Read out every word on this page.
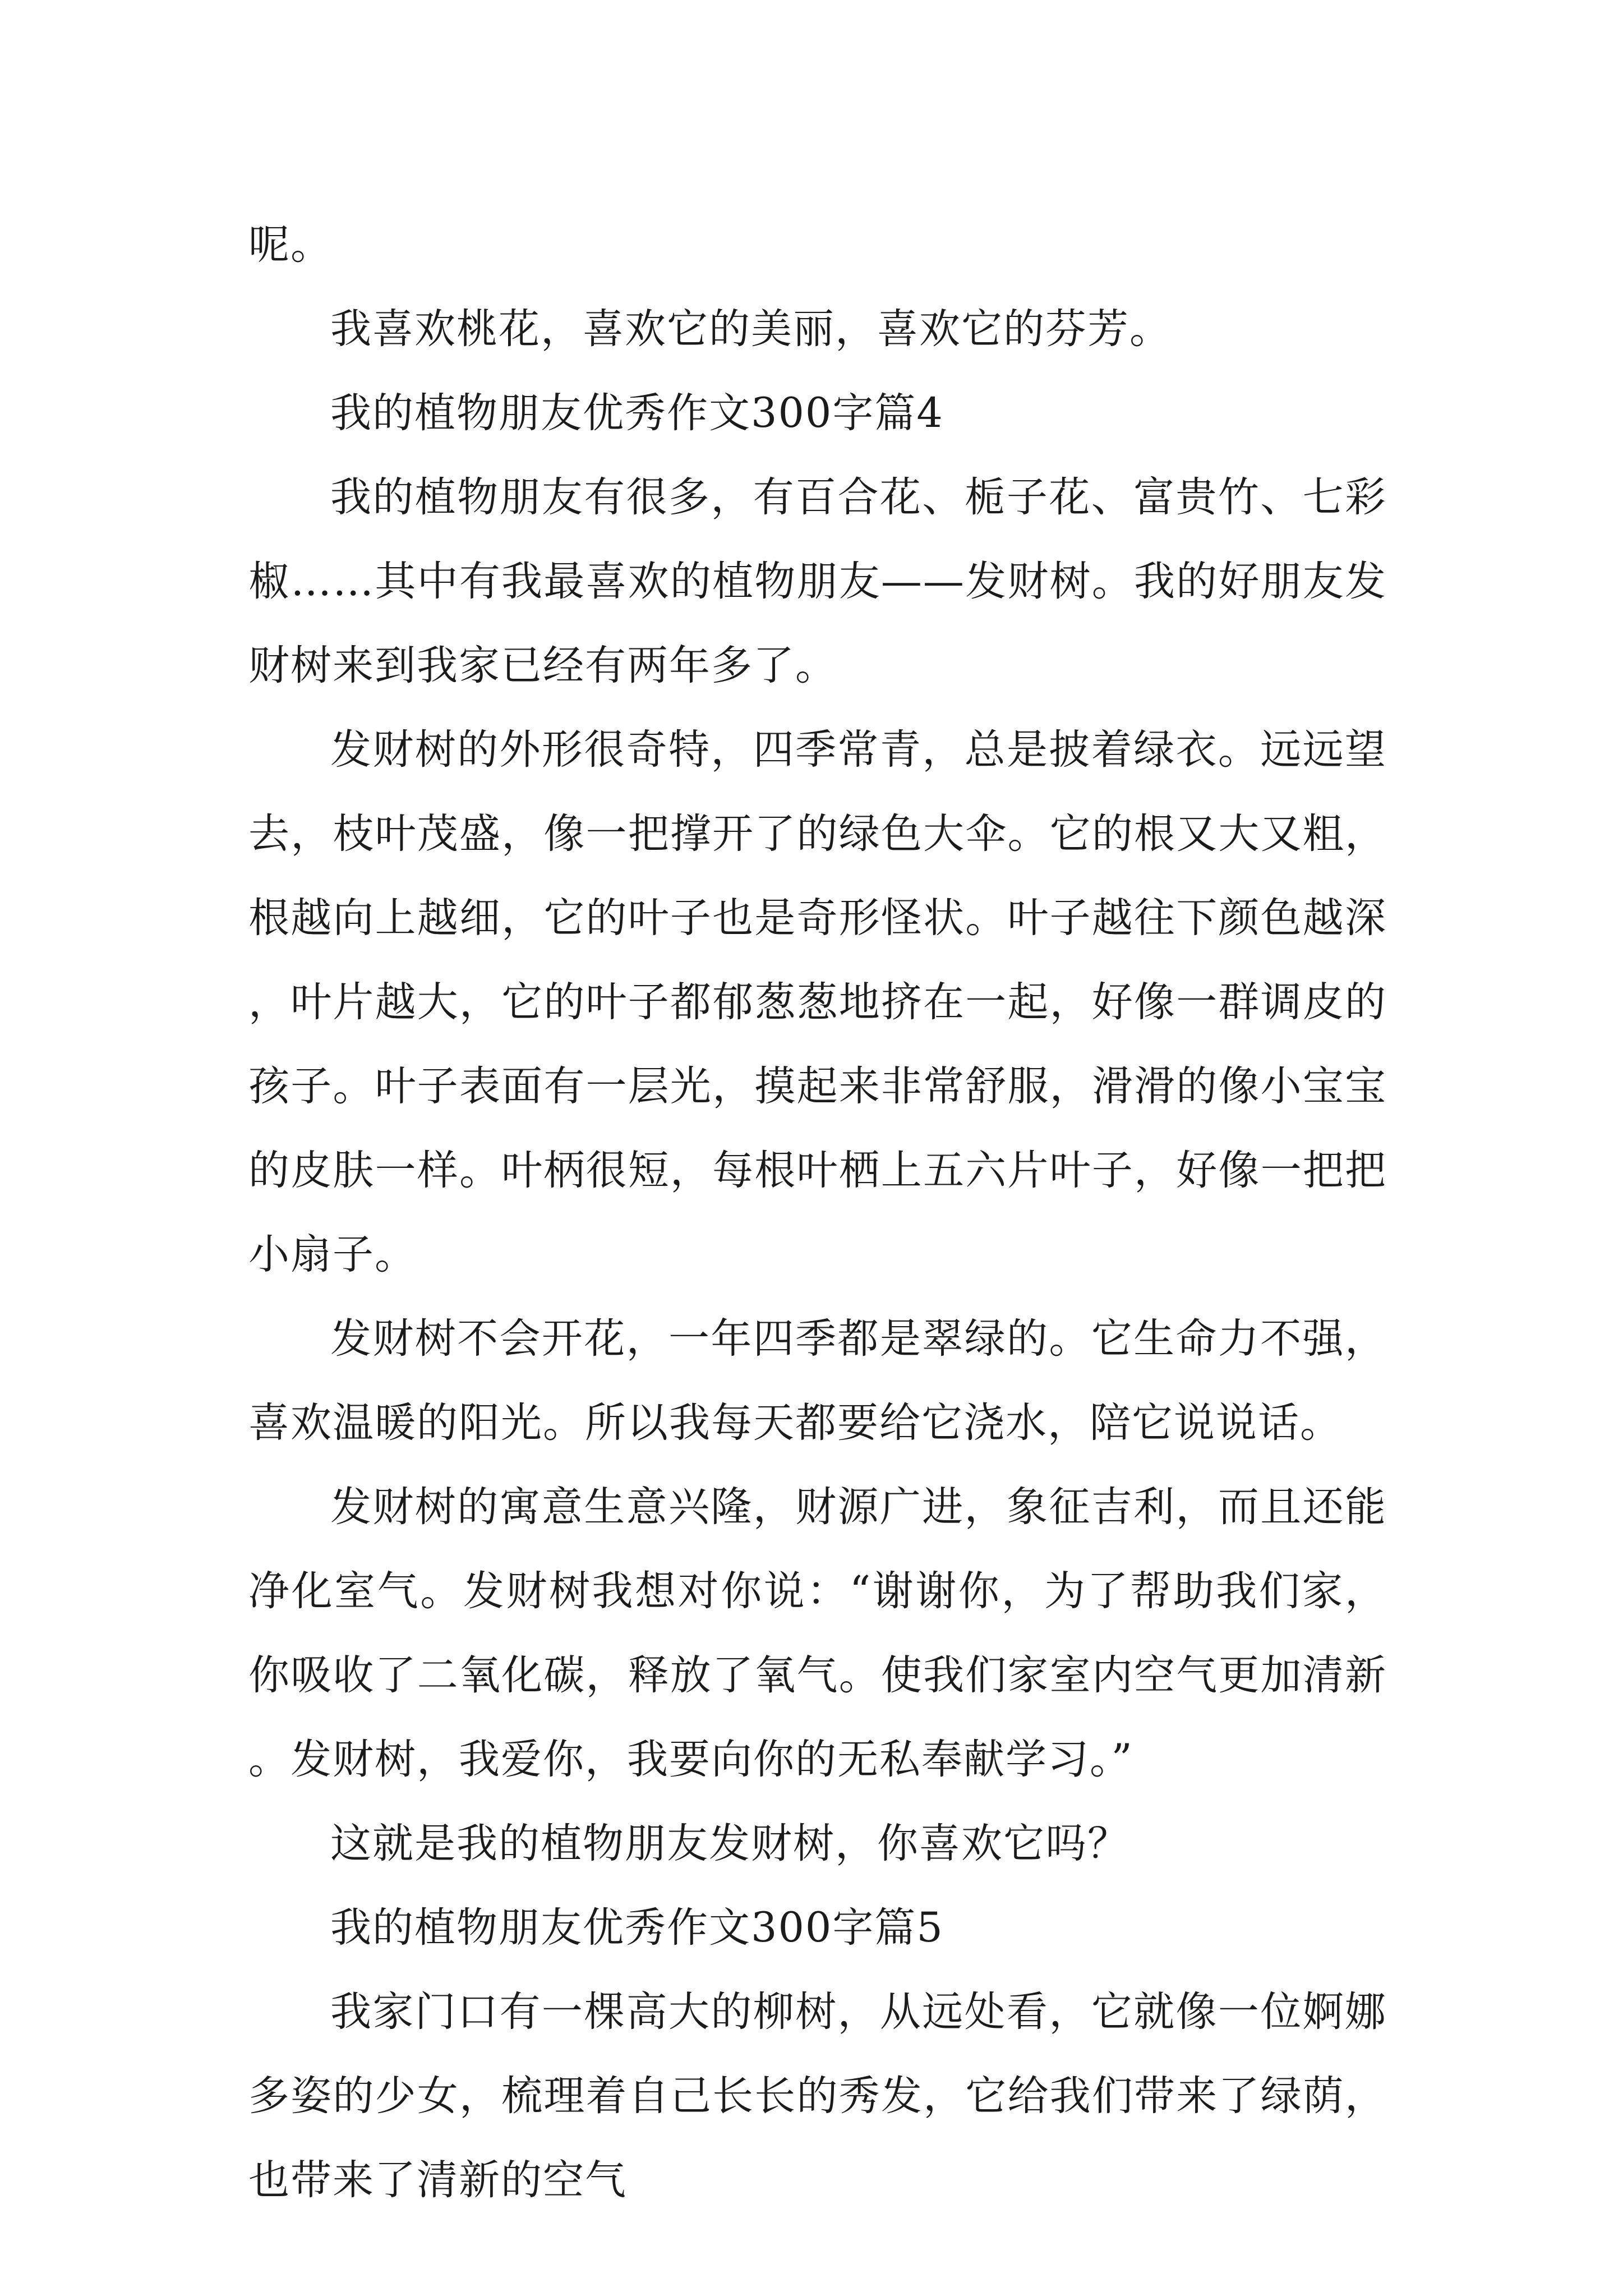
呢。

我喜欢桃花，喜欢它的美丽，喜欢它的芬芳。

我的植物朋友优秀作文300字篇4

我的植物朋友有很多，有百合花、栀子花、富贵竹、七彩椒……其中有我最喜欢的植物朋友——发财树。我的好朋友发财树来到我家已经有两年多了。

发财树的外形很奇特，四季常青，总是披着绿衣。远远望去，枝叶茂盛，像一把撑开了的绿色大伞。它的根又大又粗，根越向上越细，它的叶子也是奇形怪状。叶子越往下颜色越深，叶片越大，它的叶子都郁葱葱地挤在一起，好像一群调皮的孩子。叶子表面有一层光，摸起来非常舒服，滑滑的像小宝宝的皮肤一样。叶柄很短，每根叶栖上五六片叶子，好像一把把小扇子。

发财树不会开花，一年四季都是翠绿的。它生命力不强，喜欢温暖的阳光。所以我每天都要给它浇水，陪它说说话。

发财树的寓意生意兴隆，财源广进，象征吉利，而且还能净化室气。发财树我想对你说：“谢谢你，为了帮助我们家，你吸收了二氧化碳，释放了氧气。使我们家室内空气更加清新。发财树，我爱你，我要向你的无私奉献学习。”

这就是我的植物朋友发财树，你喜欢它吗？

我的植物朋友优秀作文300字篇5

我家门口有一棵高大的柳树，从远处看，它就像一位婀娜多姿的少女，梳理着自己长长的秀发，它给我们带来了绿荫，也带来了清新的空气
